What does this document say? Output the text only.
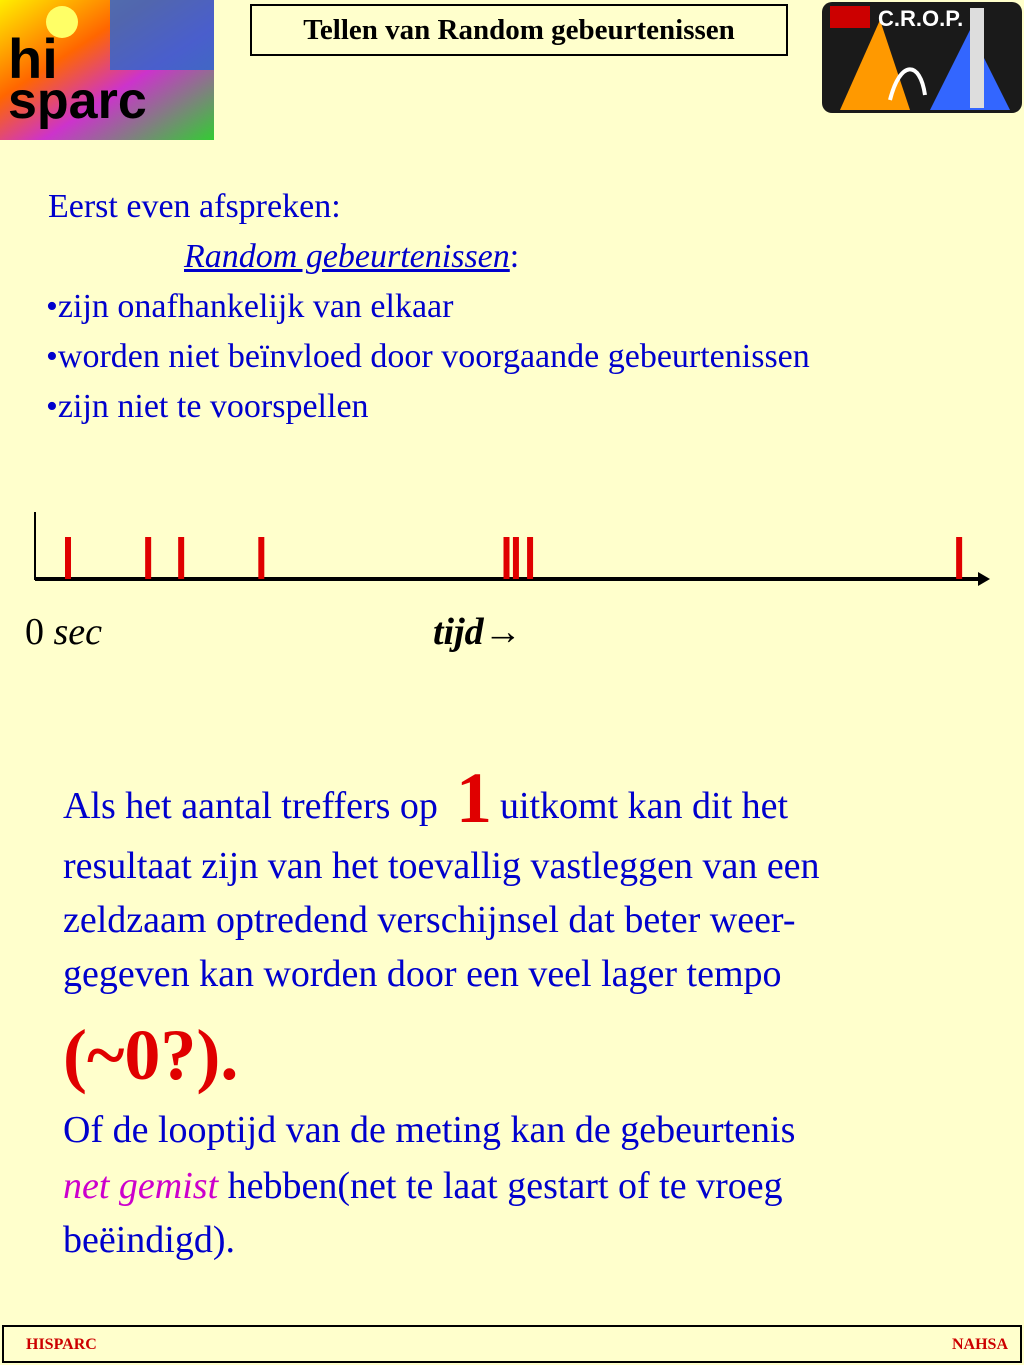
hi
sparc
C.R.O.P.
Tellen van Random gebeurtenissen
Eerst even afspreken:
Random gebeurtenissen:
•zijn onafhankelijk van elkaar
•worden niet beïnvloed door voorgaande gebeurtenissen
•zijn niet te voorspellen
0 sec	tijd→
Als het aantal treffers op 1 uitkomt kan dit het
resultaat zijn van het toevallig vastleggen van een
zeldzaam optredend verschijnsel dat beter weer-
gegeven kan worden door een veel lager tempo
(~0?).
Of de looptijd van de meting kan de gebeurtenis
net gemist hebben(net te laat gestart of te vroeg
beëindigd).
HISPARC	NAHSA
